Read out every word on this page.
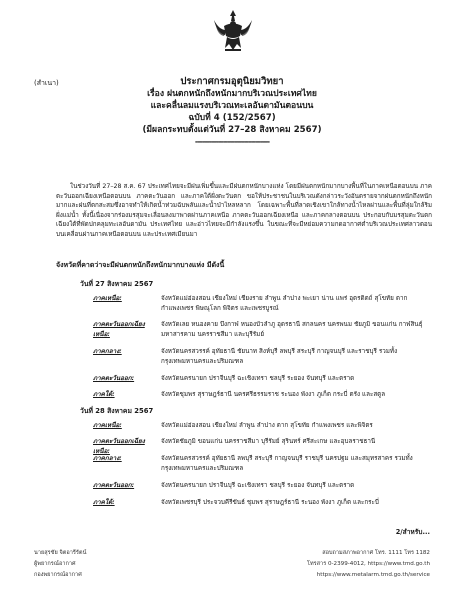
(สำเนา)	ประกาศกรมอุตุนิยมวิทยา
เรื่อง ฝนตกหนักถึงหนักมากบริเวณประเทศไทย
และคลื่นลมแรงบริเวณทะเลอันดามันตอนบน
ฉบับที่ 4 (152/2567)
(มีผลกระทบตั้งแต่วันที่ 27–28 สิงหาคม 2567)
--------------------------------
ในช่วงวันที่ 27–28 ส.ค. 67 ประเทศไทยจะมีฝนเพิ่มขึ้นและมีฝนตกหนักบางแห่ง โดยมีฝนตกหนักมากบางพื้นที่ในภาคเหนือตอนบน ภาคตะวันออกเฉียงเหนือตอนบน ภาคตะวันออก และภาคใต้ฝั่งตะวันตก ขอให้ประชาชนในบริเวณดังกล่าวระวังอันตรายจากฝนตกหนักถึงหนักมากและฝนที่ตกสะสมซึ่งอาจทำให้เกิดน้ำท่วมฉับพลันและน้ำป่าไหลหลาก โดยเฉพาะพื้นที่ลาดเชิงเขาใกล้ทางน้ำไหลผ่านและพื้นที่ลุ่มใกล้ริมฝั่งแม่น้ำ ทั้งนี้เนื่องจากร่องมรสุมจะเลื่อนลงมาพาดผ่านภาคเหนือ ภาคตะวันออกเฉียงเหนือ และภาคกลางตอนบน ประกอบกับมรสุมตะวันตกเฉียงใต้ที่พัดปกคลุมทะเลอันดามัน ประเทศไทย และอ่าวไทยจะมีกำลังแรงขึ้น ในขณะที่จะมีหย่อมความกดอากาศต่ำบริเวณประเทศลาวตอนบนเคลื่อนผ่านภาคเหนือตอนบน และประเทศเมียนมา
จังหวัดที่คาดว่าจะมีฝนตกหนักถึงหนักมากบางแห่ง มีดังนี้
วันที่ 27 สิงหาคม 2567
ภาคเหนือ:	จังหวัดแม่ฮ่องสอน เชียงใหม่ เชียงราย ลำพูน ลำปาง พะเยา น่าน แพร่ อุตรดิตถ์ สุโขทัย ตาก กำแพงเพชร พิษณุโลก พิจิตร และเพชรบูรณ์
ภาคตะวันออกเฉียงเหนือ:
จังหวัดเลย หนองคาย บึงกาฬ หนองบัวลำภู อุดรธานี สกลนคร นครพนม ชัยภูมิ ขอนแก่น กาฬสินธุ์ มหาสารคาม นครราชสีมา และบุรีรัมย์
ภาคกลาง:	จังหวัดนครสวรรค์ อุทัยธานี ชัยนาท สิงห์บุรี ลพบุรี สระบุรี กาญจนบุรี และราชบุรี รวมทั้งกรุงเทพมหานครและปริมณฑล
ภาคตะวันออก:	จังหวัดนครนายก ปราจีนบุรี ฉะเชิงเทรา ชลบุรี ระยอง จันทบุรี และตราด
ภาคใต้:	จังหวัดชุมพร สุราษฎร์ธานี นครศรีธรรมราช ระนอง พังงา ภูเก็ต กระบี่ ตรัง และสตูล
วันที่ 28 สิงหาคม 2567
ภาคเหนือ:	จังหวัดแม่ฮ่องสอน เชียงใหม่ ลำพูน ลำปาง ตาก สุโขทัย กำแพงเพชร และพิจิตร
ภาคตะวันออกเฉียงเหนือ:
จังหวัดชัยภูมิ ขอนแก่น นครราชสีมา บุรีรัมย์ สุรินทร์ ศรีสะเกษ และอุบลราชธานี
ภาคกลาง:	จังหวัดนครสวรรค์ อุทัยธานี ลพบุรี สระบุรี กาญจนบุรี ราชบุรี นครปฐม และสมุทรสาคร รวมทั้งกรุงเทพมหานครและปริมณฑล
ภาคตะวันออก:	จังหวัดนครนายก ปราจีนบุรี ฉะเชิงเทรา ชลบุรี ระยอง จันทบุรี และตราด
ภาคใต้:	จังหวัดเพชรบุรี ประจวบคีรีขันธ์ ชุมพร สุราษฎร์ธานี ระนอง พังงา ภูเก็ต และกระบี่
2/สำหรับ...
นายสุรชัย จิตอารีรัตน์
ผู้พยากรณ์อากาศ
กองพยากรณ์อากาศ
สอบถามสภาพอากาศ โทร. 1111 โทร 1182
โทรสาร 0-2399-4012, https://www.tmd.go.th
https://www.metalarm.tmd.go.th/service
